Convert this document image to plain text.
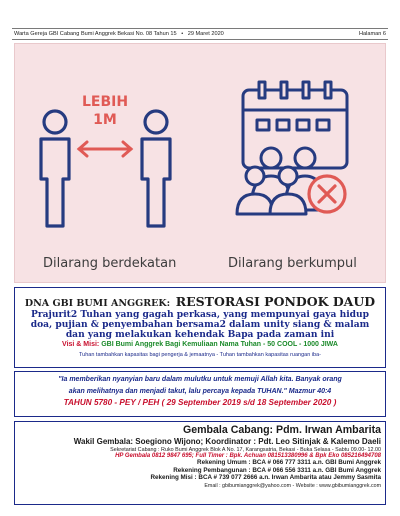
Warta Gereja GBI Cabang Bumi Anggrek Bekasi No. 08 Tahun 15 • 29 Maret 2020	Halaman 6
LEBIH
1M
Dilarang berdekatan	Dilarang berkumpul
DNA GBI BUMI ANGGREK: RESTORASI PONDOK DAUD
Prajurit2 Tuhan yang gagah perkasa, yang mempunyai gaya hidup
doa, pujian & penyembahan bersama2 dalam unity siang & malam
dan yang melakukan kehendak Bapa pada zaman ini
Visi & Misi: GBI Bumi Anggrek Bagi Kemuliaan Nama Tuhan - 50 COOL - 1000 JIWA
Tuhan tambahkan kapasitas bagi pengerja & jemaatnya - Tuhan tambahkan kapasitas ruangan iba-
"Ia memberikan nyanyian baru dalam mulutku untuk memuji Allah kita. Banyak orang
akan melihatnya dan menjadi takut, lalu percaya kepada TUHAN." Mazmur 40:4
TAHUN 5780 - PEY / PEH ( 29 September 2019 s/d 18 September 2020 )
Gembala Cabang: Pdm. Irwan Ambarita
Wakil Gembala: Soegiono Wijono; Koordinator : Pdt. Leo Sitinjak & Kalemo Daeli
Sekretariat Cabang : Ruko Bumi Anggrek Blok A No. 17, Karangsatria, Bekasi - Buka Selasa - Sabtu 09.00- 12.00
HP Gembala 0812 9847 695; Full Timer : Bpk. Achuan 081513380996 & Bpk Eko 085216494708
Rekening Umum : BCA # 066 777 3311 a.n. GBI Bumi Anggrek
Rekening Pembangunan : BCA # 066 556 3311 a.n. GBI Bumi Anggrek
Rekening Misi : BCA # 739 077 2666 a.n. Irwan Ambarita atau Jemmy Sasmita
Email : gbibumianggrek@yahoo.com - Website : www.gbibumianggrek.com
